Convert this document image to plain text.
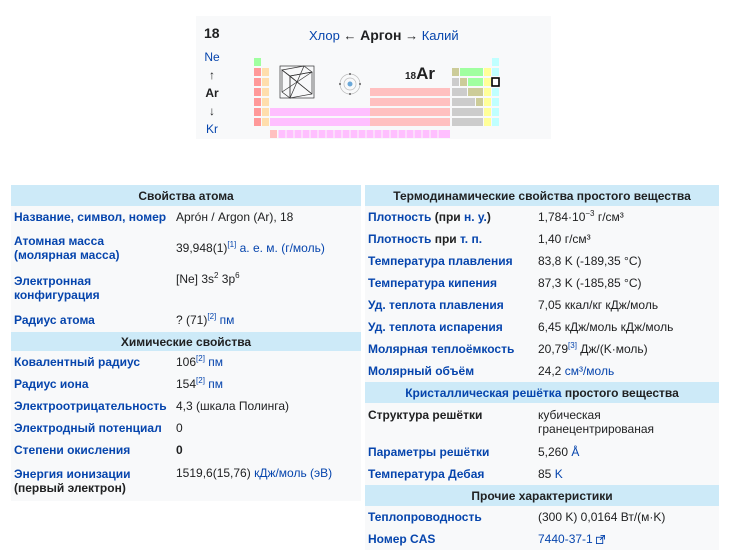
18
Ne
↑
Ar
↓
Kr
Хлор ← Аргон → Калий
18Ar
Свойства атома	
Название, символ, номер	Apróн / Argon (Ar), 18
Атомная масса
(молярная масса)	39,948(1)[1] а. е. м. (г/моль)
Электронная
конфигурация	[Ne] $3s^2$ $3p^6$
Радиус атома	? (71)[2] пм
Химические свойства	
Ковалентный радиус	106[2] пм
Радиус иона	154[2] пм
Электроотрицательность	4,3 (шкала Полинга)
Электродный потенциал	0
Степени окисления	0
Энергия ионизации
(первый электрон)	1519,6(15,76) кДж/моль (эВ)
Термодинамические свойства простого вещества	
Плотность (при н. у.)	$1,784\cdot 10^{-3}$ г/см³
Плотность при т. п.	1,40 г/см³
Температура плавления	83,8 K (-189,35 °C)
Температура кипения	87,3 K (-185,85 °C)
Уд. теплота плавления	7,05 ккал/кг кДж/моль
Уд. теплота испарения	6,45 кДж/моль кДж/моль
Молярная теплоёмкость	20,79[3] Дж/(K·моль)
Молярный объём	24,2 см³/моль
Кристаллическая решётка простого вещества	
Структура решётки	кубическая
гранецентрированая
Параметры решётки	5,260 Å
Температура Дебая	85 K
Прочие характеристики	
Теплопроводность	(300 K) 0,0164 Вт/(м·K)
Номер CAS	7440-37-1
